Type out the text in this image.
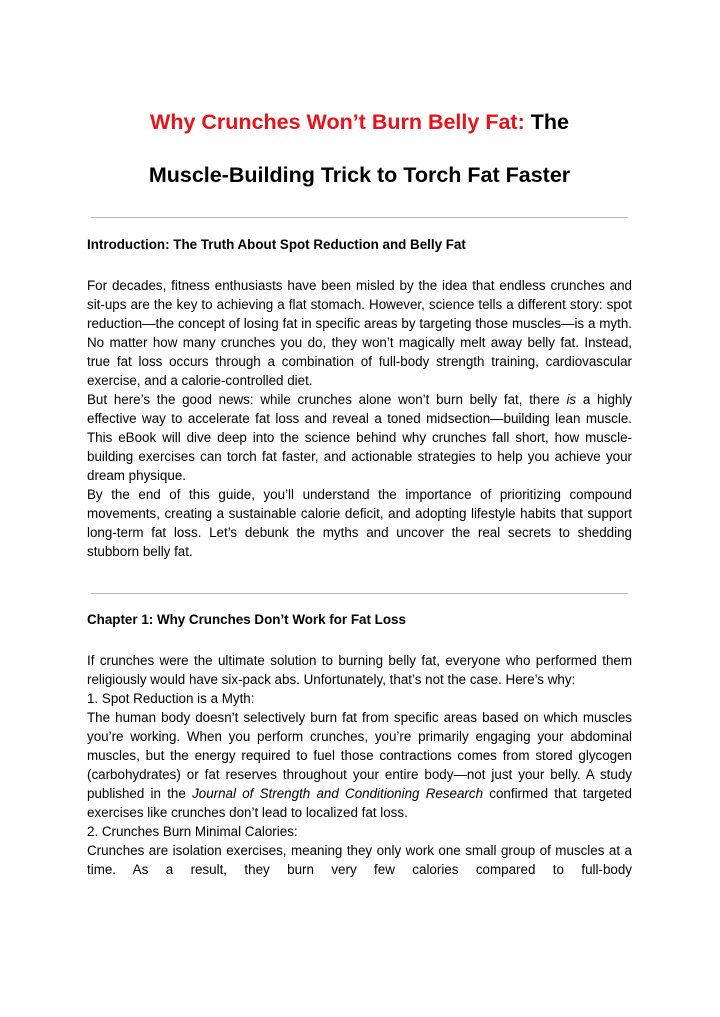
Why Crunches Won’t Burn Belly Fat: The
Muscle-Building Trick to Torch Fat Faster
Introduction: The Truth About Spot Reduction and Belly Fat

For decades, fitness enthusiasts have been misled by the idea that endless crunches and sit-ups are the key to achieving a flat stomach. However, science tells a different story: spot reduction—the concept of losing fat in specific areas by targeting those muscles—is a myth. No matter how many crunches you do, they won’t magically melt away belly fat. Instead, true fat loss occurs through a combination of full-body strength training, cardiovascular exercise, and a calorie-controlled diet.

But here’s the good news: while crunches alone won’t burn belly fat, there is a highly effective way to accelerate fat loss and reveal a toned midsection—building lean muscle. This eBook will dive deep into the science behind why crunches fall short, how muscle-building exercises can torch fat faster, and actionable strategies to help you achieve your dream physique.

By the end of this guide, you’ll understand the importance of prioritizing compound movements, creating a sustainable calorie deficit, and adopting lifestyle habits that support long-term fat loss. Let’s debunk the myths and uncover the real secrets to shedding stubborn belly fat.

Chapter 1: Why Crunches Don’t Work for Fat Loss

If crunches were the ultimate solution to burning belly fat, everyone who performed them religiously would have six-pack abs. Unfortunately, that’s not the case. Here’s why:

1. Spot Reduction is a Myth:

The human body doesn’t selectively burn fat from specific areas based on which muscles you’re working. When you perform crunches, you’re primarily engaging your abdominal muscles, but the energy required to fuel those contractions comes from stored glycogen (carbohydrates) or fat reserves throughout your entire body—not just your belly. A study published in the Journal of Strength and Conditioning Research confirmed that targeted exercises like crunches don’t lead to localized fat loss.

2. Crunches Burn Minimal Calories:

Crunches are isolation exercises, meaning they only work one small group of muscles at a time. As a result, they burn very few calories compared to full-body
